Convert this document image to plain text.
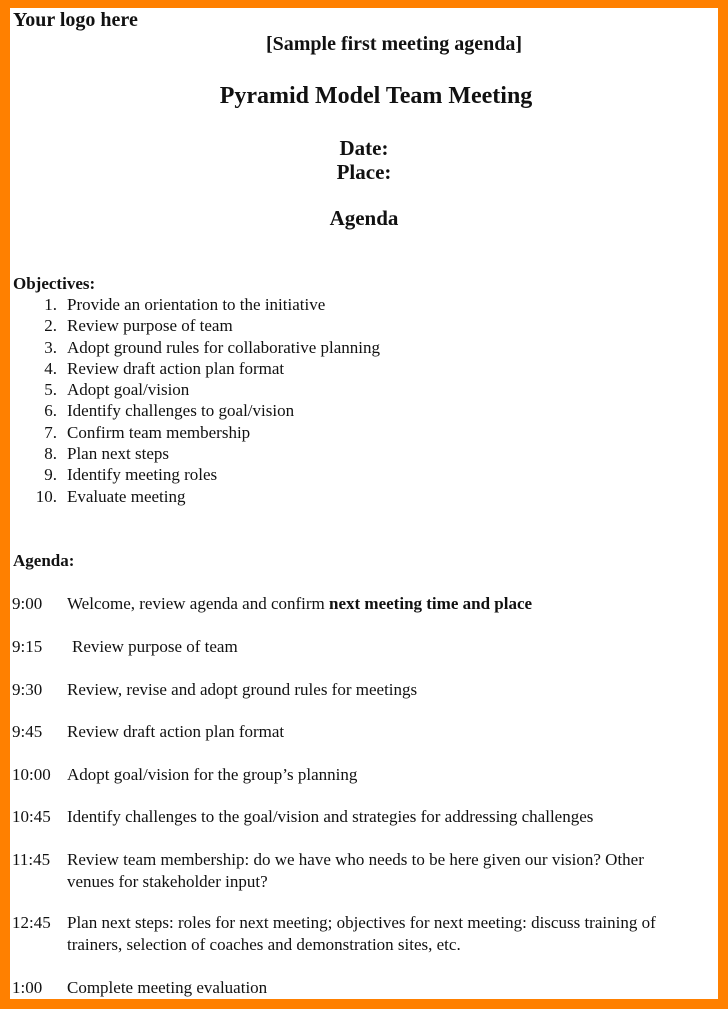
Your logo here
[Sample first meeting agenda]
Pyramid Model Team Meeting
Date:
Place:
Agenda
Objectives:
1. Provide an orientation to the initiative
2. Review purpose of team
3. Adopt ground rules for collaborative planning
4. Review draft action plan format
5. Adopt goal/vision
6. Identify challenges to goal/vision
7. Confirm team membership
8. Plan next steps
9. Identify meeting roles
10. Evaluate meeting
Agenda:
9:00 Welcome, review agenda and confirm next meeting time and place
9:15 Review purpose of team
9:30 Review, revise and adopt ground rules for meetings
9:45 Review draft action plan format
10:00 Adopt goal/vision for the group’s planning
10:45 Identify challenges to the goal/vision and strategies for addressing challenges
11:45 Review team membership: do we have who needs to be here given our vision? Other
venues for stakeholder input?
12:45 Plan next steps: roles for next meeting; objectives for next meeting: discuss training of
trainers, selection of coaches and demonstration sites, etc.
1:00 Complete meeting evaluation
